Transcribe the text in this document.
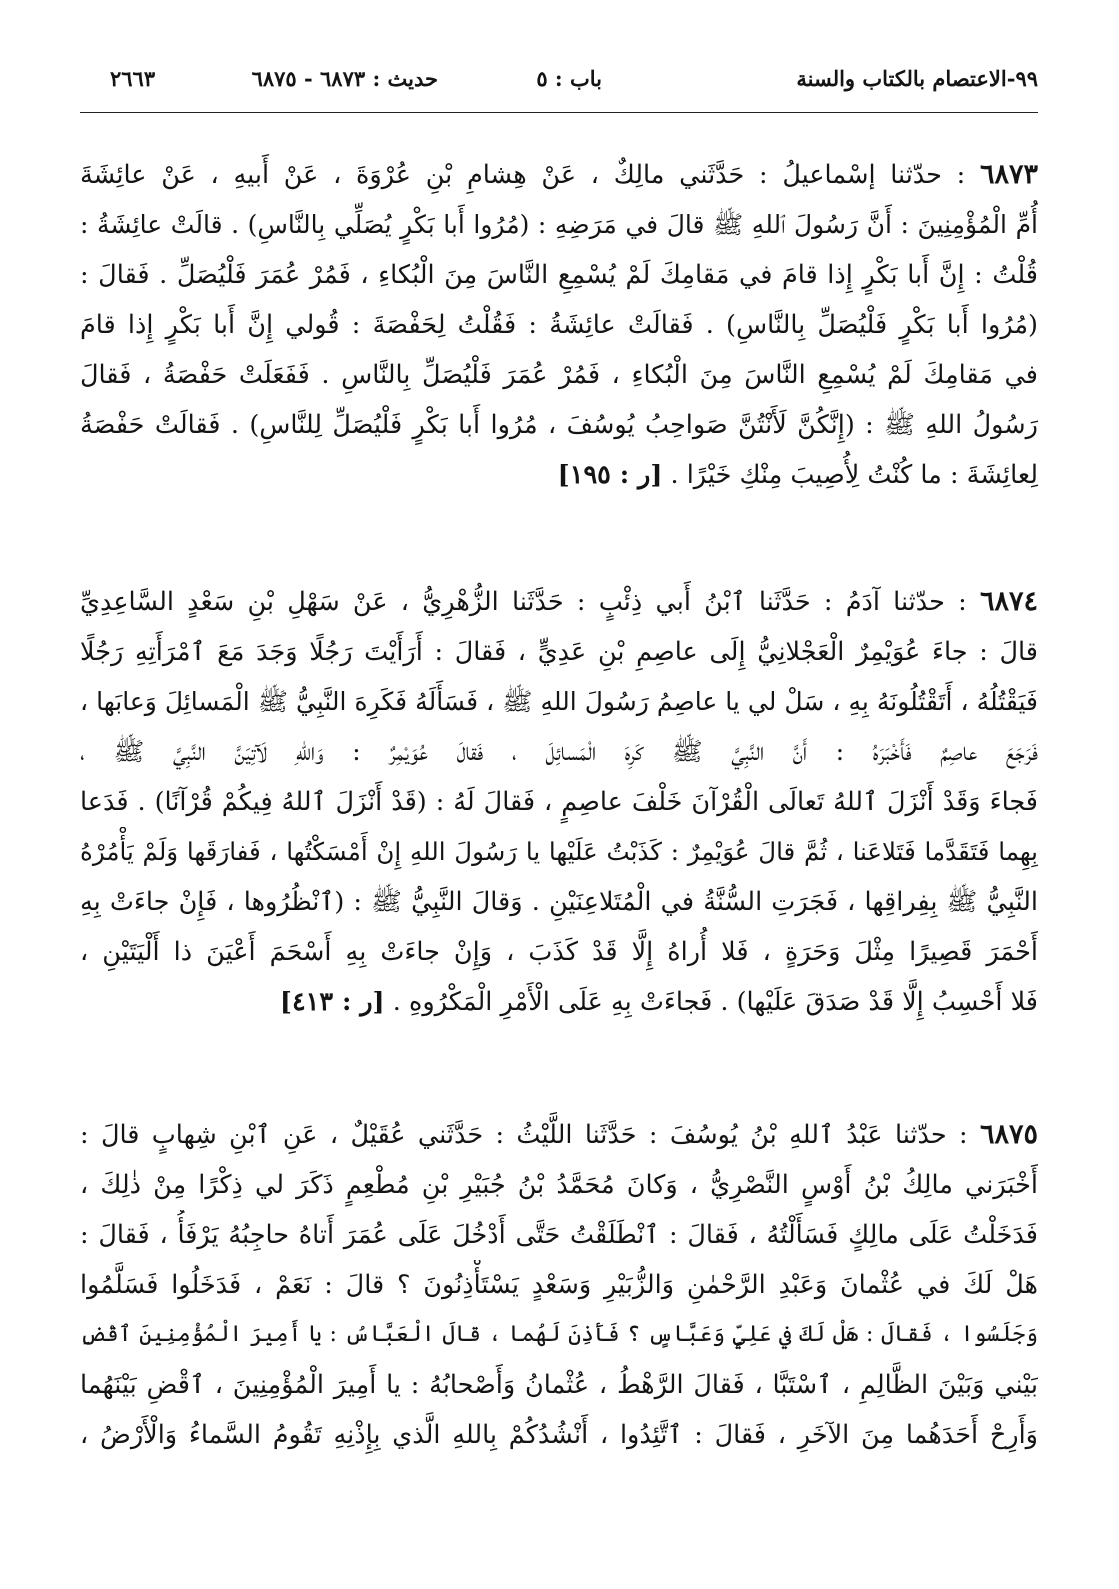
٩٩-الاعتصام بالكتاب والسنة
باب : ٥
حديث : ٦٨٧٣ - ٦٨٧٥
٢٦٦٣
٦٨٧٣ : حدّثنا إسْماعيلُ : حَدَّثَني مالِكٌ ، عَنْ هِشامِ بْنِ عُرْوَةَ ، عَنْ أَبيهِ ، عَنْ عائِشَةَ
أُمِّ الْمُؤْمِنِينَ : أَنَّ رَسُولَ ٱللهِ ﷺ قالَ في مَرَضِهِ : (مُرُوا أَبا بَكْرٍ يُصَلِّي بِالنَّاسِ) . قالَتْ عائِشَةُ :
قُلْتُ : إِنَّ أَبا بَكْرٍ إِذا قامَ في مَقامِكَ لَمْ يُسْمِعِ النَّاسَ مِنَ الْبُكاءِ ، فَمُرْ عُمَرَ فَلْيُصَلِّ . فَقالَ :
(مُرُوا أَبا بَكْرٍ فَلْيُصَلِّ بِالنَّاسِ) . فَقالَتْ عائِشَةُ : فَقُلْتُ لِحَفْصَةَ : قُولي إِنَّ أَبا بَكْرٍ إِذا قامَ
في مَقامِكَ لَمْ يُسْمِعِ النَّاسَ مِنَ الْبُكاءِ ، فَمُرْ عُمَرَ فَلْيُصَلِّ بِالنَّاسِ . فَفَعَلَتْ حَفْصَةُ ، فَقالَ
رَسُولُ اللهِ ﷺ : (إِنَّكُنَّ لَأَنْتُنَّ صَواحِبُ يُوسُفَ ، مُرُوا أَبا بَكْرٍ فَلْيُصَلِّ لِلنَّاسِ) . فَقالَتْ حَفْصَةُ
لِعائِشَةَ : ما كُنْتُ لِأُصِيبَ مِنْكِ خَيْرًا . [ر : ١٩٥]
٦٨٧٤ : حدّثنا آدَمُ : حَدَّثَنا ٱبْنُ أَبي ذِئْبٍ : حَدَّثَنا الزُّهْرِيُّ ، عَنْ سَهْلِ بْنِ سَعْدٍ السَّاعِدِيِّ
قالَ : جاءَ عُوَيْمِرٌ الْعَجْلانِيُّ إِلَى عاصِمِ بْنِ عَدِيٍّ ، فَقالَ : أَرَأَيْتَ رَجُلًا وَجَدَ مَعَ ٱمْرَأَتِهِ رَجُلًا
فَيَقْتُلُهُ ، أَتَقْتُلُونَهُ بِهِ ، سَلْ لي يا عاصِمُ رَسُولَ اللهِ ﷺ ، فَسَأَلَهُ فَكَرِهَ النَّبِيُّ ﷺ الْمَسائِلَ وَعابَها ،
فَرَجَعَ عاصِمٌ فَأَخْبَرَهُ : أَنَّ النَّبِيَّ ﷺ كَرِهَ الْمَسائِلَ ، فَقالَ عُوَيْمِرٌ : وَاللهِ لَآتِيَنَّ النَّبِيَّ ﷺ ،
فَجاءَ وَقَدْ أَنْزَلَ ٱللهُ تَعالَى الْقُرْآنَ خَلْفَ عاصِمٍ ، فَقالَ لَهُ : (قَدْ أَنْزَلَ ٱللهُ فِيكُمْ قُرْآنًا) . فَدَعا
بِهِما فَتَقَدَّما فَتَلاعَنا ، ثُمَّ قالَ عُوَيْمِرٌ : كَذَبْتُ عَلَيْها يا رَسُولَ اللهِ إِنْ أَمْسَكْتُها ، فَفارَقَها وَلَمْ يَأْمُرْهُ
النَّبِيُّ ﷺ بِفِراقِها ، فَجَرَتِ السُّنَّةُ في الْمُتَلاعِنَيْنِ . وَقالَ النَّبِيُّ ﷺ : (ٱنْظُرُوها ، فَإِنْ جاءَتْ بِهِ
أَحْمَرَ قَصِيرًا مِثْلَ وَحَرَةٍ ، فَلا أُراهُ إِلَّا قَدْ كَذَبَ ، وَإِنْ جاءَتْ بِهِ أَسْحَمَ أَعْيَنَ ذا أَلْيَتَيْنِ ،
فَلا أَحْسِبُ إِلَّا قَدْ صَدَقَ عَلَيْها) . فَجاءَتْ بِهِ عَلَى الْأَمْرِ الْمَكْرُوهِ . [ر : ٤١٣]
٦٨٧٥ : حدّثنا عَبْدُ ٱللهِ بْنُ يُوسُفَ : حَدَّثَنا اللَّيْثُ : حَدَّثَني عُقَيْلٌ ، عَنِ ٱبْنِ شِهابٍ قالَ :
أَخْبَرَني مالِكُ بْنُ أَوْسٍ النَّصْرِيُّ ، وَكانَ مُحَمَّدُ بْنُ جُبَيْرِ بْنِ مُطْعِمٍ ذَكَرَ لي ذِكْرًا مِنْ ذٰلِكَ ،
فَدَخَلْتُ عَلَى مالِكٍ فَسَأَلْتُهُ ، فَقالَ : ٱنْطَلَقْتُ حَتَّى أَدْخُلَ عَلَى عُمَرَ أَتاهُ حاجِبُهُ يَرْفَأُ ، فَقالَ :
هَلْ لَكَ في عُثْمانَ وَعَبْدِ الرَّحْمٰنِ وَالزُّبَيْرِ وَسَعْدٍ يَسْتَأْذِنُونَ ؟ قالَ : نَعَمْ ، فَدَخَلُوا فَسَلَّمُوا
وَجَلَسُوا ، فَقالَ : هَلْ لَكَ في عَلِيٍّ وَعَبَّاسٍ ؟ فَأَذِنَ لَهُما ، قالَ الْعَبَّاسُ : يا أَمِيرَ الْمُؤْمِنِينَ ٱقْضِ
بَيْني وَبَيْنَ الظَّالِمِ ، ٱسْتَبَّا ، فَقالَ الرَّهْطُ ، عُثْمانُ وَأَصْحابُهُ : يا أَمِيرَ الْمُؤْمِنِينَ ، ٱقْضِ بَيْنَهُما
وَأَرِحْ أَحَدَهُما مِنَ الآخَرِ ، فَقالَ : ٱتَّئِدُوا ، أَنْشُدُكُمْ بِاللهِ الَّذي بِإِذْنِهِ تَقُومُ السَّماءُ وَالْأَرْضُ ،
